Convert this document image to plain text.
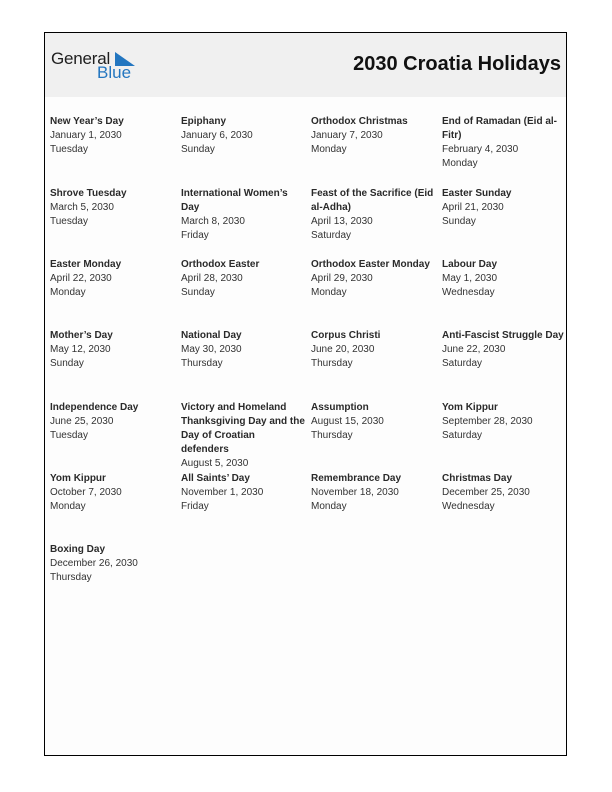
General
Blue	2030 Croatia Holidays
New Year’s Day
January 1, 2030
Tuesday
Epiphany
January 6, 2030
Sunday
Orthodox Christmas
January 7, 2030
Monday
End of Ramadan (Eid al-Fitr)
February 4, 2030
Monday
Shrove Tuesday
March 5, 2030
Tuesday
International Women’s Day
March 8, 2030
Friday
Feast of the Sacrifice (Eid al-Adha)
April 13, 2030
Saturday
Easter Sunday
April 21, 2030
Sunday
Easter Monday
April 22, 2030
Monday
Orthodox Easter
April 28, 2030
Sunday
Orthodox Easter Monday
April 29, 2030
Monday
Labour Day
May 1, 2030
Wednesday
Mother’s Day
May 12, 2030
Sunday
National Day
May 30, 2030
Thursday
Corpus Christi
June 20, 2030
Thursday
Anti-Fascist Struggle Day
June 22, 2030
Saturday
Independence Day
June 25, 2030
Tuesday
Victory and Homeland Thanksgiving Day and the Day of Croatian defenders
August 5, 2030
Assumption
August 15, 2030
Thursday
Yom Kippur
September 28, 2030
Saturday
Yom Kippur
October 7, 2030
Monday
All Saints’ Day
November 1, 2030
Friday
Remembrance Day
November 18, 2030
Monday
Christmas Day
December 25, 2030
Wednesday
Boxing Day
December 26, 2030
Thursday
